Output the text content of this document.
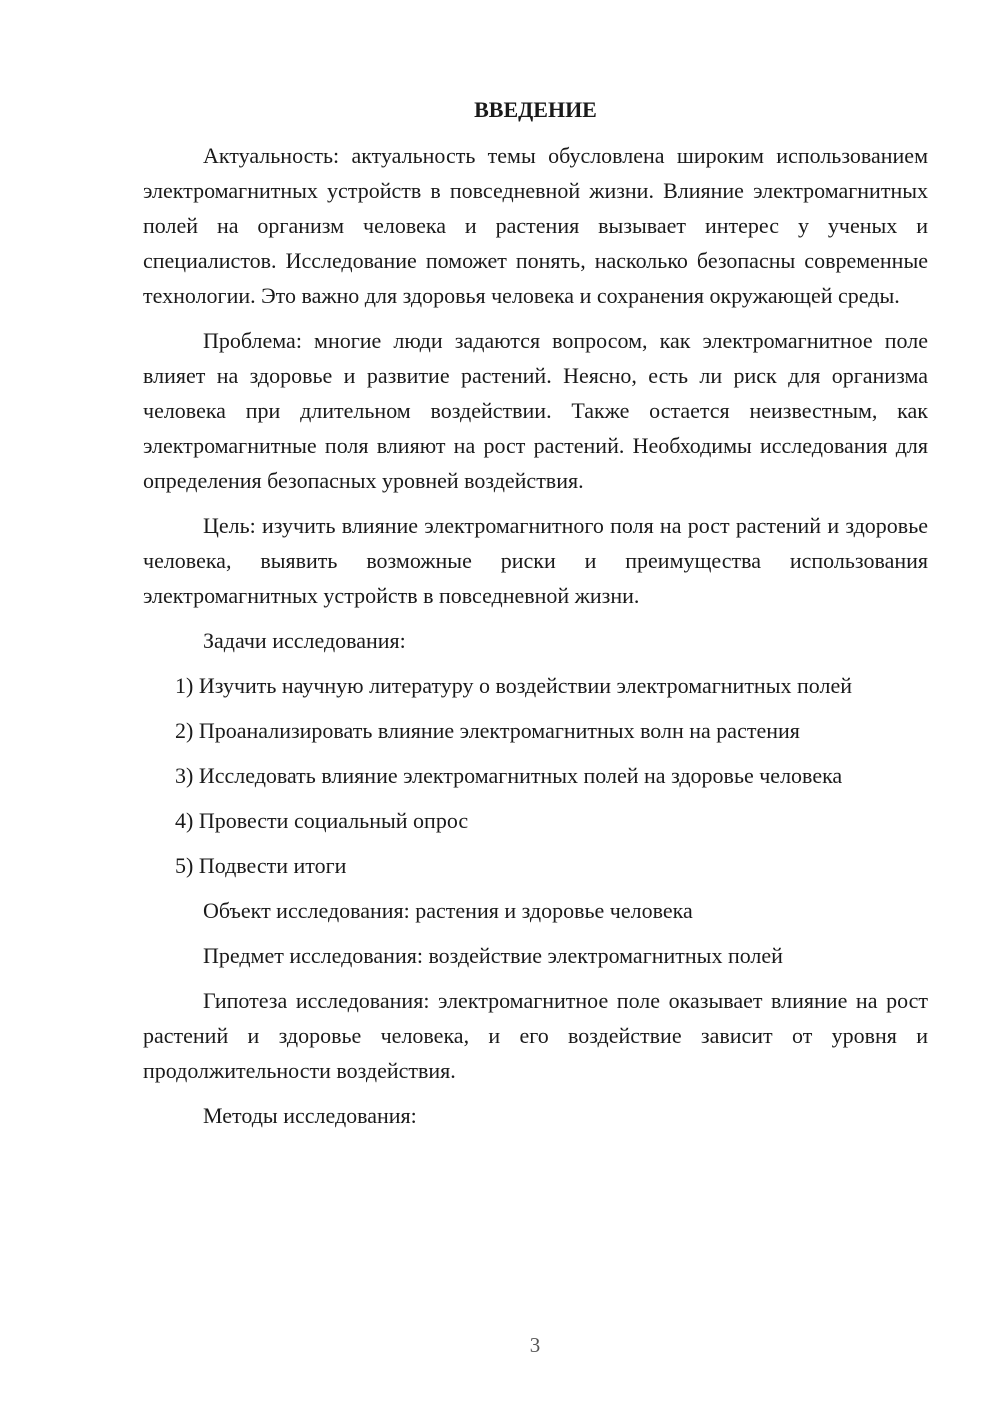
ВВЕДЕНИЕ

Актуальность: актуальность темы обусловлена широким использованием электромагнитных устройств в повседневной жизни. Влияние электромагнитных полей на организм человека и растения вызывает интерес у ученых и специалистов. Исследование поможет понять, насколько безопасны современные технологии. Это важно для здоровья человека и сохранения окружающей среды.

Проблема: многие люди задаются вопросом, как электромагнитное поле влияет на здоровье и развитие растений. Неясно, есть ли риск для организма человека при длительном воздействии. Также остается неизвестным, как электромагнитные поля влияют на рост растений. Необходимы исследования для определения безопасных уровней воздействия.

Цель: изучить влияние электромагнитного поля на рост растений и здоровье человека, выявить возможные риски и преимущества использования электромагнитных устройств в повседневной жизни.

Задачи исследования:

1) Изучить научную литературу о воздействии электромагнитных полей

2) Проанализировать влияние электромагнитных волн на растения

3) Исследовать влияние электромагнитных полей на здоровье человека

4) Провести социальный опрос

5) Подвести итоги

Объект исследования: растения и здоровье человека

Предмет исследования: воздействие электромагнитных полей

Гипотеза исследования: электромагнитное поле оказывает влияние на рост растений и здоровье человека, и его воздействие зависит от уровня и продолжительности воздействия.

Методы исследования:

3
